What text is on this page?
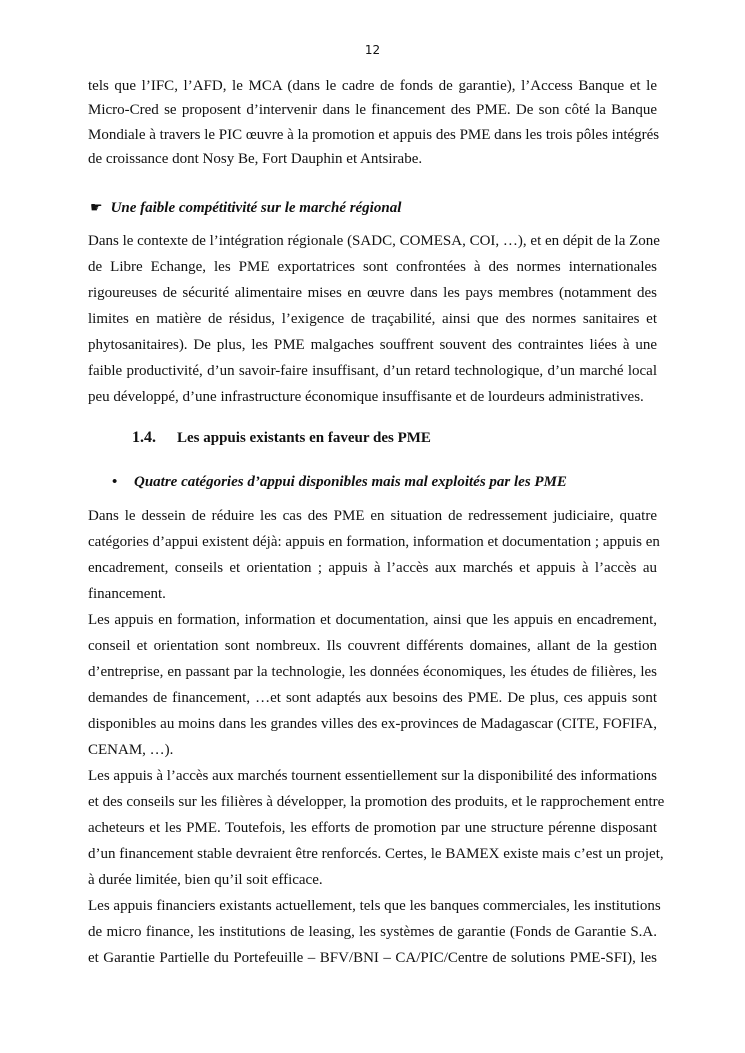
12
tels que l’IFC, l’AFD, le MCA (dans le cadre de fonds de garantie), l’Access Banque et le
Micro-Cred se proposent d’intervenir dans le financement des PME. De son côté la Banque
Mondiale à travers le PIC œuvre à la promotion et appuis des PME dans les trois pôles intégrés
de croissance dont Nosy Be, Fort Dauphin et Antsirabe.
☛ Une faible compétitivité sur le marché régional
Dans le contexte de l’intégration régionale (SADC, COMESA, COI, …), et en dépit de la Zone
de Libre Echange, les PME exportatrices sont confrontées à des normes internationales
rigoureuses de sécurité alimentaire mises en œuvre dans les pays membres (notamment des
limites en matière de résidus, l’exigence de traçabilité, ainsi que des normes sanitaires et
phytosanitaires). De plus, les PME malgaches souffrent souvent des contraintes liées à une
faible productivité, d’un savoir-faire insuffisant, d’un retard technologique, d’un marché local
peu développé, d’une infrastructure économique insuffisante et de lourdeurs administratives.
1.4. Les appuis existants en faveur des PME
• Quatre catégories d’appui disponibles mais mal exploités par les PME
Dans le dessein de réduire les cas des PME en situation de redressement judiciaire, quatre
catégories d’appui existent déjà: appuis en formation, information et documentation ; appuis en
encadrement, conseils et orientation ; appuis à l’accès aux marchés et appuis à l’accès au
financement.
Les appuis en formation, information et documentation, ainsi que les appuis en encadrement,
conseil et orientation sont nombreux. Ils couvrent différents domaines, allant de la gestion
d’entreprise, en passant par la technologie, les données économiques, les études de filières, les
demandes de financement, …et sont adaptés aux besoins des PME. De plus, ces appuis sont
disponibles au moins dans les grandes villes des ex-provinces de Madagascar (CITE, FOFIFA,
CENAM, …).
Les appuis à l’accès aux marchés tournent essentiellement sur la disponibilité des informations
et des conseils sur les filières à développer, la promotion des produits, et le rapprochement entre
acheteurs et les PME. Toutefois, les efforts de promotion par une structure pérenne disposant
d’un financement stable devraient être renforcés. Certes, le BAMEX existe mais c’est un projet,
à durée limitée, bien qu’il soit efficace.
Les appuis financiers existants actuellement, tels que les banques commerciales, les institutions
de micro finance, les institutions de leasing, les systèmes de garantie (Fonds de Garantie S.A.
et Garantie Partielle du Portefeuille – BFV/BNI – CA/PIC/Centre de solutions PME-SFI), les
